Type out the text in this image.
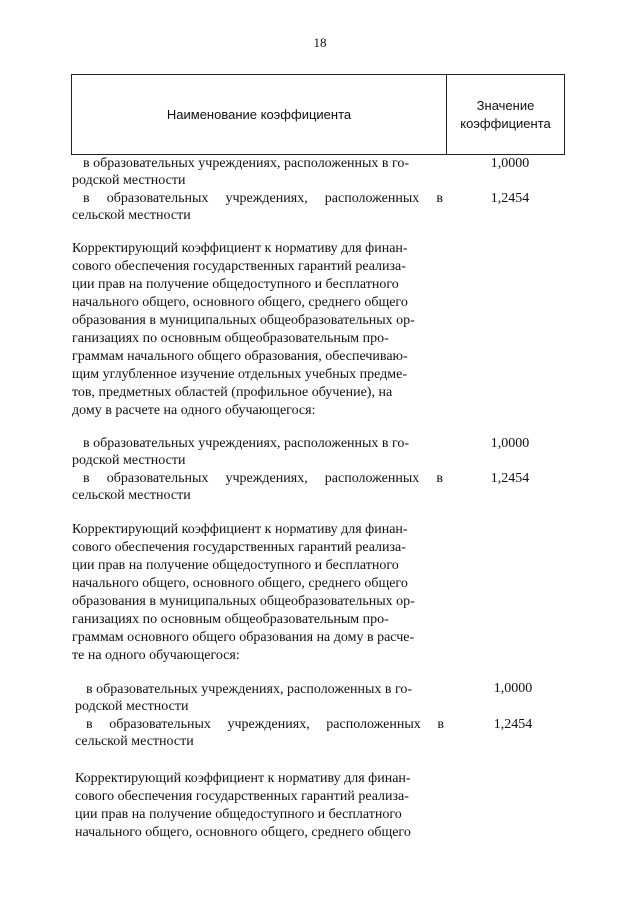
18
Наименование коэффициента
Значение
коэффициента
в образовательных учреждениях, расположенных в го-
родской местности
1,0000
в образовательных учреждениях, расположенных в
сельской местности
1,2454
Корректирующий коэффициент к нормативу для финан-
сового обеспечения государственных гарантий реализа-
ции прав на получение общедоступного и бесплатного
начального общего, основного общего, среднего общего
образования в муниципальных общеобразовательных ор-
ганизациях по основным общеобразовательным про-
граммам начального общего образования, обеспечиваю-
щим углубленное изучение отдельных учебных предме-
тов, предметных областей (профильное обучение), на
дому в расчете на одного обучающегося:
в образовательных учреждениях, расположенных в го-
родской местности
1,0000
в образовательных учреждениях, расположенных в
сельской местности
1,2454
Корректирующий коэффициент к нормативу для финан-
сового обеспечения государственных гарантий реализа-
ции прав на получение общедоступного и бесплатного
начального общего, основного общего, среднего общего
образования в муниципальных общеобразовательных ор-
ганизациях по основным общеобразовательным про-
граммам основного общего образования на дому в расче-
те на одного обучающегося:
в образовательных учреждениях, расположенных в го-
родской местности
1,0000
в образовательных учреждениях, расположенных в
сельской местности
1,2454
Корректирующий коэффициент к нормативу для финан-
сового обеспечения государственных гарантий реализа-
ции прав на получение общедоступного и бесплатного
начального общего, основного общего, среднего общего
